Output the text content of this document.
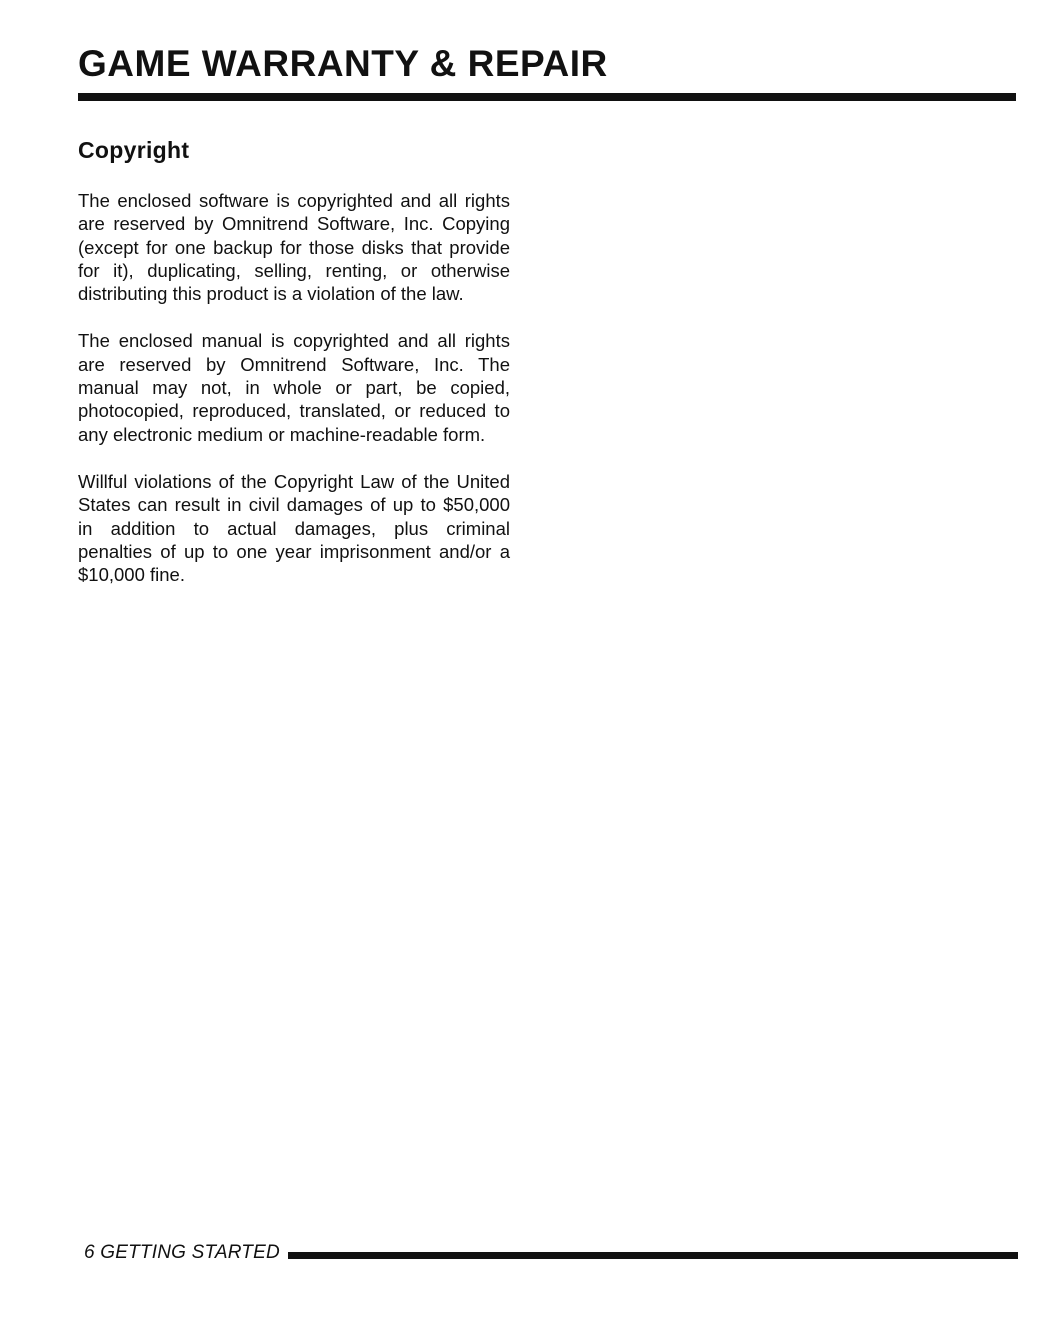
GAME WARRANTY & REPAIR
Copyright

The enclosed software is copyrighted and all rights are reserved by Omnitrend Software, Inc. Copying (except for one backup for those disks that provide for it), duplicating, selling, renting, or otherwise distributing this product is a violation of the law.

The enclosed manual is copyrighted and all rights are reserved by Omnitrend Software, Inc. The manual may not, in whole or part, be copied, photocopied, reproduced, translated, or reduced to any electronic medium or machine-readable form.

Willful violations of the Copyright Law of the United States can result in civil damages of up to $50,000 in addition to actual damages, plus criminal penalties of up to one year imprisonment and/or a $10,000 fine.

6 GETTING STARTED
